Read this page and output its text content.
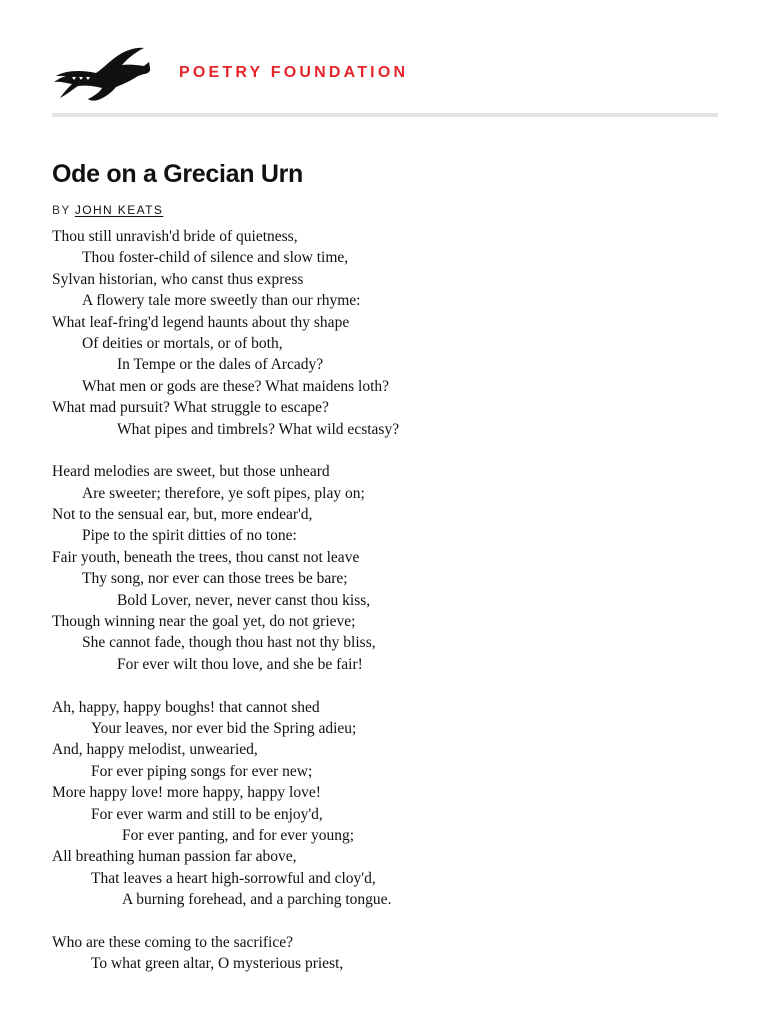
POETRY FOUNDATION
Ode on a Grecian Urn
BY JOHN KEATS
Thou still unravish'd bride of quietness,
Thou foster-child of silence and slow time,
Sylvan historian, who canst thus express
A flowery tale more sweetly than our rhyme:
What leaf-fring'd legend haunts about thy shape
Of deities or mortals, or of both,
In Tempe or the dales of Arcady?
What men or gods are these? What maidens loth?
What mad pursuit? What struggle to escape?
What pipes and timbrels? What wild ecstasy?
Heard melodies are sweet, but those unheard
Are sweeter; therefore, ye soft pipes, play on;
Not to the sensual ear, but, more endear'd,
Pipe to the spirit ditties of no tone:
Fair youth, beneath the trees, thou canst not leave
Thy song, nor ever can those trees be bare;
Bold Lover, never, never canst thou kiss,
Though winning near the goal yet, do not grieve;
She cannot fade, though thou hast not thy bliss,
For ever wilt thou love, and she be fair!
Ah, happy, happy boughs! that cannot shed
Your leaves, nor ever bid the Spring adieu;
And, happy melodist, unwearied,
For ever piping songs for ever new;
More happy love! more happy, happy love!
For ever warm and still to be enjoy'd,
For ever panting, and for ever young;
All breathing human passion far above,
That leaves a heart high-sorrowful and cloy'd,
A burning forehead, and a parching tongue.
Who are these coming to the sacrifice?
To what green altar, O mysterious priest,
